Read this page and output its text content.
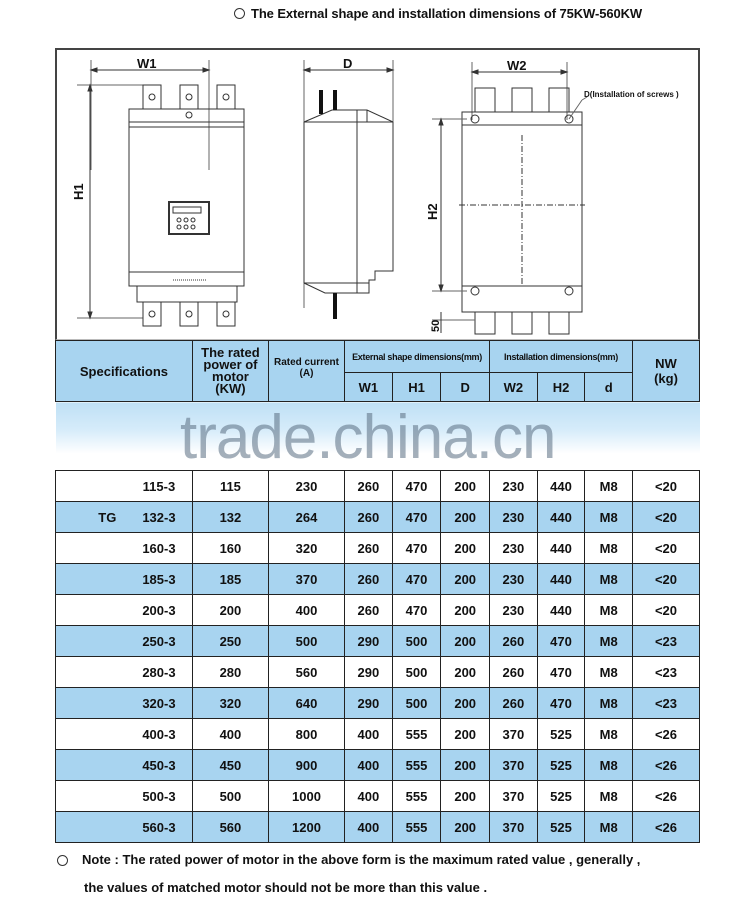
The External shape and installation dimensions of 75KW-560KW
W1
H1
D	W2
H2
50
D(Installation of screws )
Specifications	
The rated
power of
motor
(KW)

Rated current
(A)
	External shape dimensions(mm)	Installation dimensions(mm)	NW
(kg)

			W1	H1	D	W2	H2	d	

115-3	115	230	260	470	200	230	440	M8	<20
TG 132-3	132	264	260	470	200	230	440	M8	<20
160-3	160	320	260	470	200	230	440	M8	<20
185-3	185	370	260	470	200	230	440	M8	<20
200-3	200	400	260	470	200	230	440	M8	<20
250-3	250	500	290	500	200	260	470	M8	<23
280-3	280	560	290	500	200	260	470	M8	<23
320-3	320	640	290	500	200	260	470	M8	<23
400-3	400	800	400	555	200	370	525	M8	<26
450-3	450	900	400	555	200	370	525	M8	<26
500-3	500	1000	400	555	200	370	525	M8	<26
560-3	560	1200	400	555	200	370	525	M8	<26
trade.china.cn
Note : The rated power of motor in the above form is the maximum rated value , generally ,
the values of matched motor should not be more than this value .
